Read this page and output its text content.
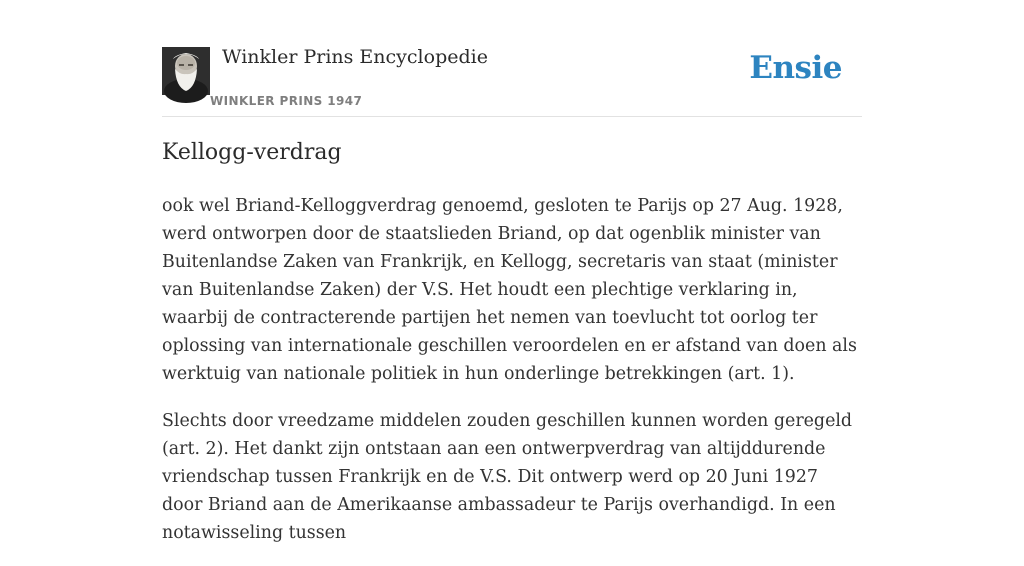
Winkler Prins Encyclopedie
WINKLER PRINS 1947
Ensie
Kellogg-verdrag

ook wel Briand-Kelloggverdrag genoemd, gesloten te Parijs op 27 Aug. 1928, werd ontworpen door de staatslieden Briand, op dat ogenblik minister van Buitenlandse Zaken van Frankrijk, en Kellogg, secretaris van staat (minister van Buitenlandse Zaken) der V.S. Het houdt een plechtige verklaring in, waarbij de contracterende partijen het nemen van toevlucht tot oorlog ter oplossing van internationale geschillen veroordelen en er afstand van doen als werktuig van nationale politiek in hun onderlinge betrekkingen (art. 1).

Slechts door vreedzame middelen zouden geschillen kunnen worden geregeld (art. 2). Het dankt zijn ontstaan aan een ontwerpverdrag van altijddurende vriendschap tussen Frankrijk en de V.S. Dit ontwerp werd op 20 Juni 1927 door Briand aan de Amerikaanse ambassadeur te Parijs overhandigd. In een notawisseling tussen
